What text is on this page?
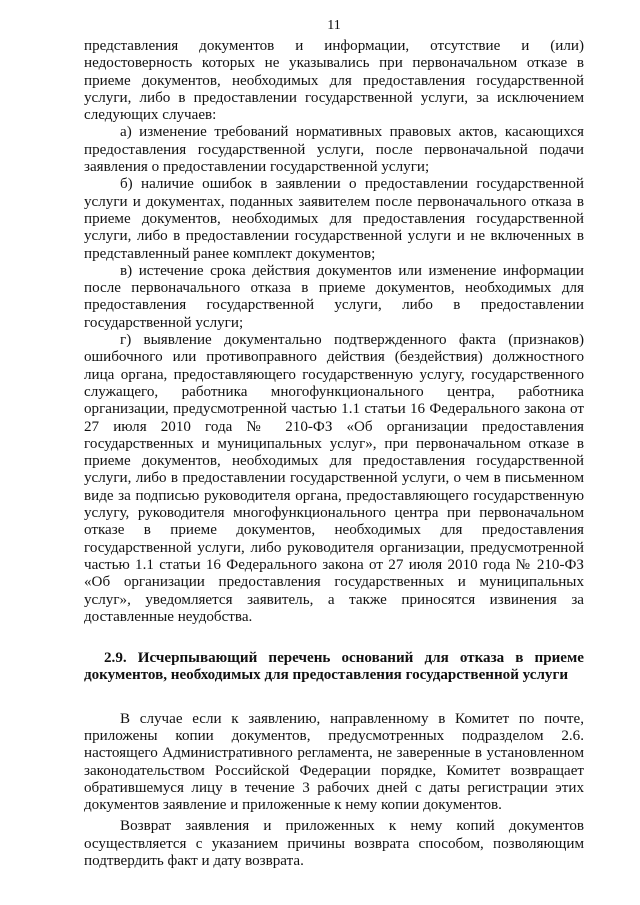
11

представления документов и информации, отсутствие и (или) недостоверность которых не указывались при первоначальном отказе в приеме документов, необходимых для предоставления государственной услуги, либо в предоставлении государственной услуги, за исключением следующих случаев:

а) изменение требований нормативных правовых актов, касающихся предоставления государственной услуги, после первоначальной подачи заявления о предоставлении государственной услуги;

б) наличие ошибок в заявлении о предоставлении государственной услуги и документах, поданных заявителем после первоначального отказа в приеме документов, необходимых для предоставления государственной услуги, либо в предоставлении государственной услуги и не включенных в представленный ранее комплект документов;

в) истечение срока действия документов или изменение информации после первоначального отказа в приеме документов, необходимых для предоставления государственной услуги, либо в предоставлении государственной услуги;

г) выявление документально подтвержденного факта (признаков) ошибочного или противоправного действия (бездействия) должностного лица органа, предоставляющего государственную услугу, государственного служащего, работника многофункционального центра, работника организации, предусмотренной частью 1.1 статьи 16 Федерального закона от 27 июля 2010 года № 210-ФЗ «Об организации предоставления государственных и муниципальных услуг», при первоначальном отказе в приеме документов, необходимых для предоставления государственной услуги, либо в предоставлении государственной услуги, о чем в письменном виде за подписью руководителя органа, предоставляющего государственную услугу, руководителя многофункционального центра при первоначальном отказе в приеме документов, необходимых для предоставления государственной услуги, либо руководителя организации, предусмотренной частью 1.1 статьи 16 Федерального закона от 27 июля 2010 года № 210-ФЗ «Об организации предоставления государственных и муниципальных услуг», уведомляется заявитель, а также приносятся извинения за доставленные неудобства.

2.9. Исчерпывающий перечень оснований для отказа в приеме документов, необходимых для предоставления государственной услуги

В случае если к заявлению, направленному в Комитет по почте, приложены копии документов, предусмотренных подразделом 2.6. настоящего Административного регламента, не заверенные в установленном законодательством Российской Федерации порядке, Комитет возвращает обратившемуся лицу в течение 3 рабочих дней с даты регистрации этих документов заявление и приложенные к нему копии документов.

Возврат заявления и приложенных к нему копий документов осуществляется с указанием причины возврата способом, позволяющим подтвердить факт и дату возврата.
